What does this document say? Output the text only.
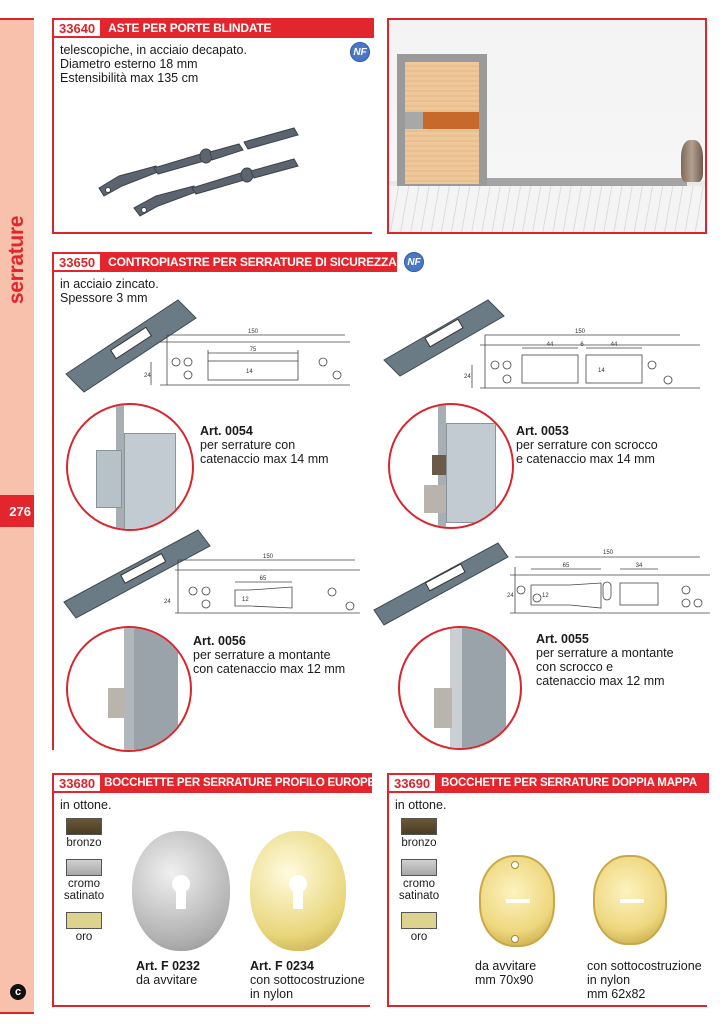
serrature
276
c
33640	ASTE PER PORTE BLINDATE
telescopiche, in acciaio decapato.
Diametro esterno 18 mm
Estensibilità max 135 cm
NF
33650	CONTROPIASTRE PER SERRATURE DI SICUREZZA	NF
in acciaio zincato.
Spessore 3 mm
150
75
14
24
150
44	6	44
14
24
150
65
12
24
150
65	34
12
24
Art. 0054
per serrature con
catenaccio max 14 mm
Art. 0053
per serrature con scrocco
e catenaccio max 14 mm
Art. 0056
per serrature a montante
con catenaccio max 12 mm
Art. 0055
per serrature a montante
con scrocco e
catenaccio max 12 mm
33680 BOCCHETTE PER SERRATURE PROFILO EUROPEO
in ottone.
bronzo
cromo satinato
oro
Art. F 0232
da avvitare
Art. F 0234
con sottocostruzione
in nylon
33690 BOCCHETTE PER SERRATURE DOPPIA MAPPA
in ottone.
bronzo
cromo satinato
oro
da avvitare
mm 70x90
con sottocostruzione
in nylon
mm 62x82
